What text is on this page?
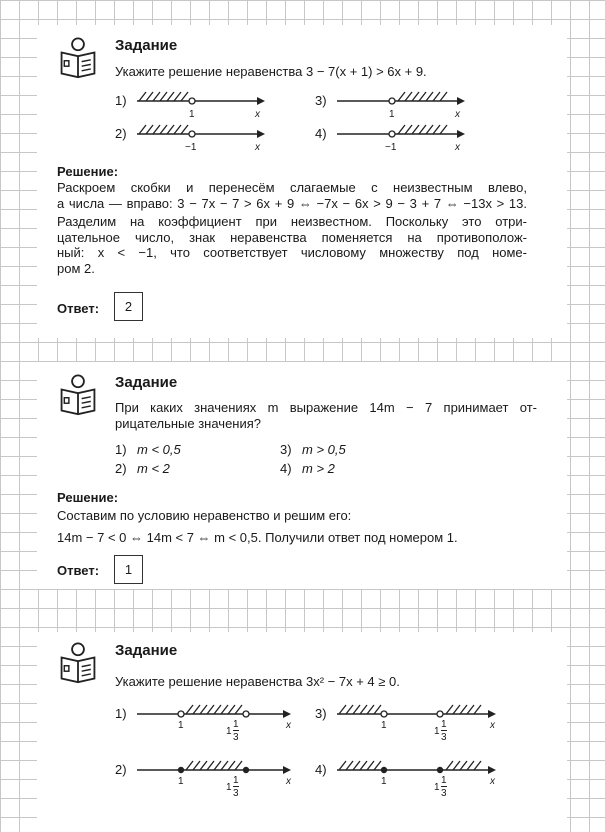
Задание
Укажите решение неравенства 3 − 7(x + 1) > 6x + 9.
1)
1	x
3)
1	x
2)
−1	x
4)
−1	x
Решение:
Раскроем скобки и перенесём слагаемые с неизвестным влево,
а числа — вправо: 3 − 7x − 7 > 6x + 9 ⇔ −7x − 6x > 9 − 3 + 7 ⇔ −13x > 13.
Разделим на коэффициент при неизвестном. Поскольку это отри-
цательное число, знак неравенства поменяется на противополож-
ный: x < −1, что соответствует числовому множеству под номе-
ром 2.
Ответ:	2
Задание
При каких значениях m выражение 14m − 7 принимает от-
рицательные значения?
1) m < 0,5
2) m < 2
3) m > 0,5
4) m > 2
Решение:
Составим по условию неравенство и решим его:
14m − 7 < 0 ⇔ 14m < 7 ⇔ m < 0,5. Получили ответ под номером 1.
Ответ:	1
Задание
Укажите решение неравенства 3x² − 7x + 4 ≥ 0.
1)
1
1
1
3
x
3)
1
1
1
3
x
2)
1
1
1
3
x
4)
1
1
1
3
x
